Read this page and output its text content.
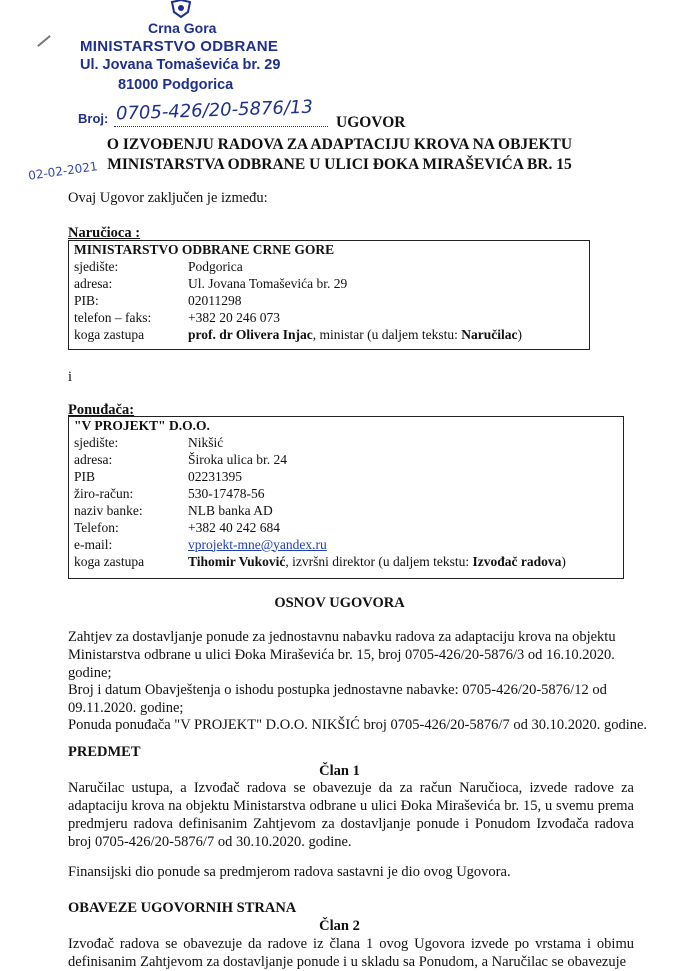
Crna Gora
MINISTARSTVO ODBRANE
Ul. Jovana Tomaševića br. 29
81000 Podgorica
Broj: 0705-426/20-5876/13
02-02-2021
UGOVOR
O IZVOĐENJU RADOVA ZA ADAPTACIJU KROVA NA OBJEKTU
MINISTARSTVA ODBRANE U ULICI ĐOKA MIRAŠEVIĆA BR. 15
Ovaj Ugovor zaključen je između:
Naručioca :
MINISTARSTVO ODBRANE CRNE GORE	
sjedište:	Podgorica
adresa:	Ul. Jovana Tomaševića br. 29
PIB:	02011298
telefon – faks:	+382 20 246 073
koga zastupa	prof. dr Olivera Injac, ministar (u daljem tekstu: Naručilac)
i
Ponuđača:
"V PROJEKT" D.O.O.	
sjedište:	Nikšić
adresa:	Široka ulica br. 24
PIB	02231395
žiro-račun:	530-17478-56
naziv banke:	NLB banka AD
Telefon:	+382 40 242 684
e-mail:	vprojekt-mne@yandex.ru
koga zastupa	Tihomir Vuković, izvršni direktor (u daljem tekstu: Izvođač radova)
OSNOV UGOVORA
Zahtjev za dostavljanje ponude za jednostavnu nabavku radova za adaptaciju krova na objektu Ministarstva odbrane u ulici Đoka Miraševića br. 15, broj 0705-426/20-5876/3 od 16.10.2020. godine;
Broj i datum Obavještenja o ishodu postupka jednostavne nabavke: 0705-426/20-5876/12 od 09.11.2020. godine;
Ponuda ponuđača "V PROJEKT" D.O.O. NIKŠIĆ broj 0705-426/20-5876/7 od 30.10.2020. godine.
PREDMET
Član 1
Naručilac ustupa, a Izvođač radova se obavezuje da za račun Naručioca, izvede radove za adaptaciju krova na objektu Ministarstva odbrane u ulici Đoka Miraševića br. 15, u svemu prema predmjeru radova definisanim Zahtjevom za dostavljanje ponude i Ponudom Izvođača radova broj 0705-426/20-5876/7 od 30.10.2020. godine.
Finansijski dio ponude sa predmjerom radova sastavni je dio ovog Ugovora.
OBAVEZE UGOVORNIH STRANA
Član 2
Izvođač radova se obavezuje da radove iz člana 1 ovog Ugovora izvede po vrstama i obimu definisanim Zahtjevom za dostavljanje ponude i u skladu sa Ponudom, a Naručilac se obavezuje
